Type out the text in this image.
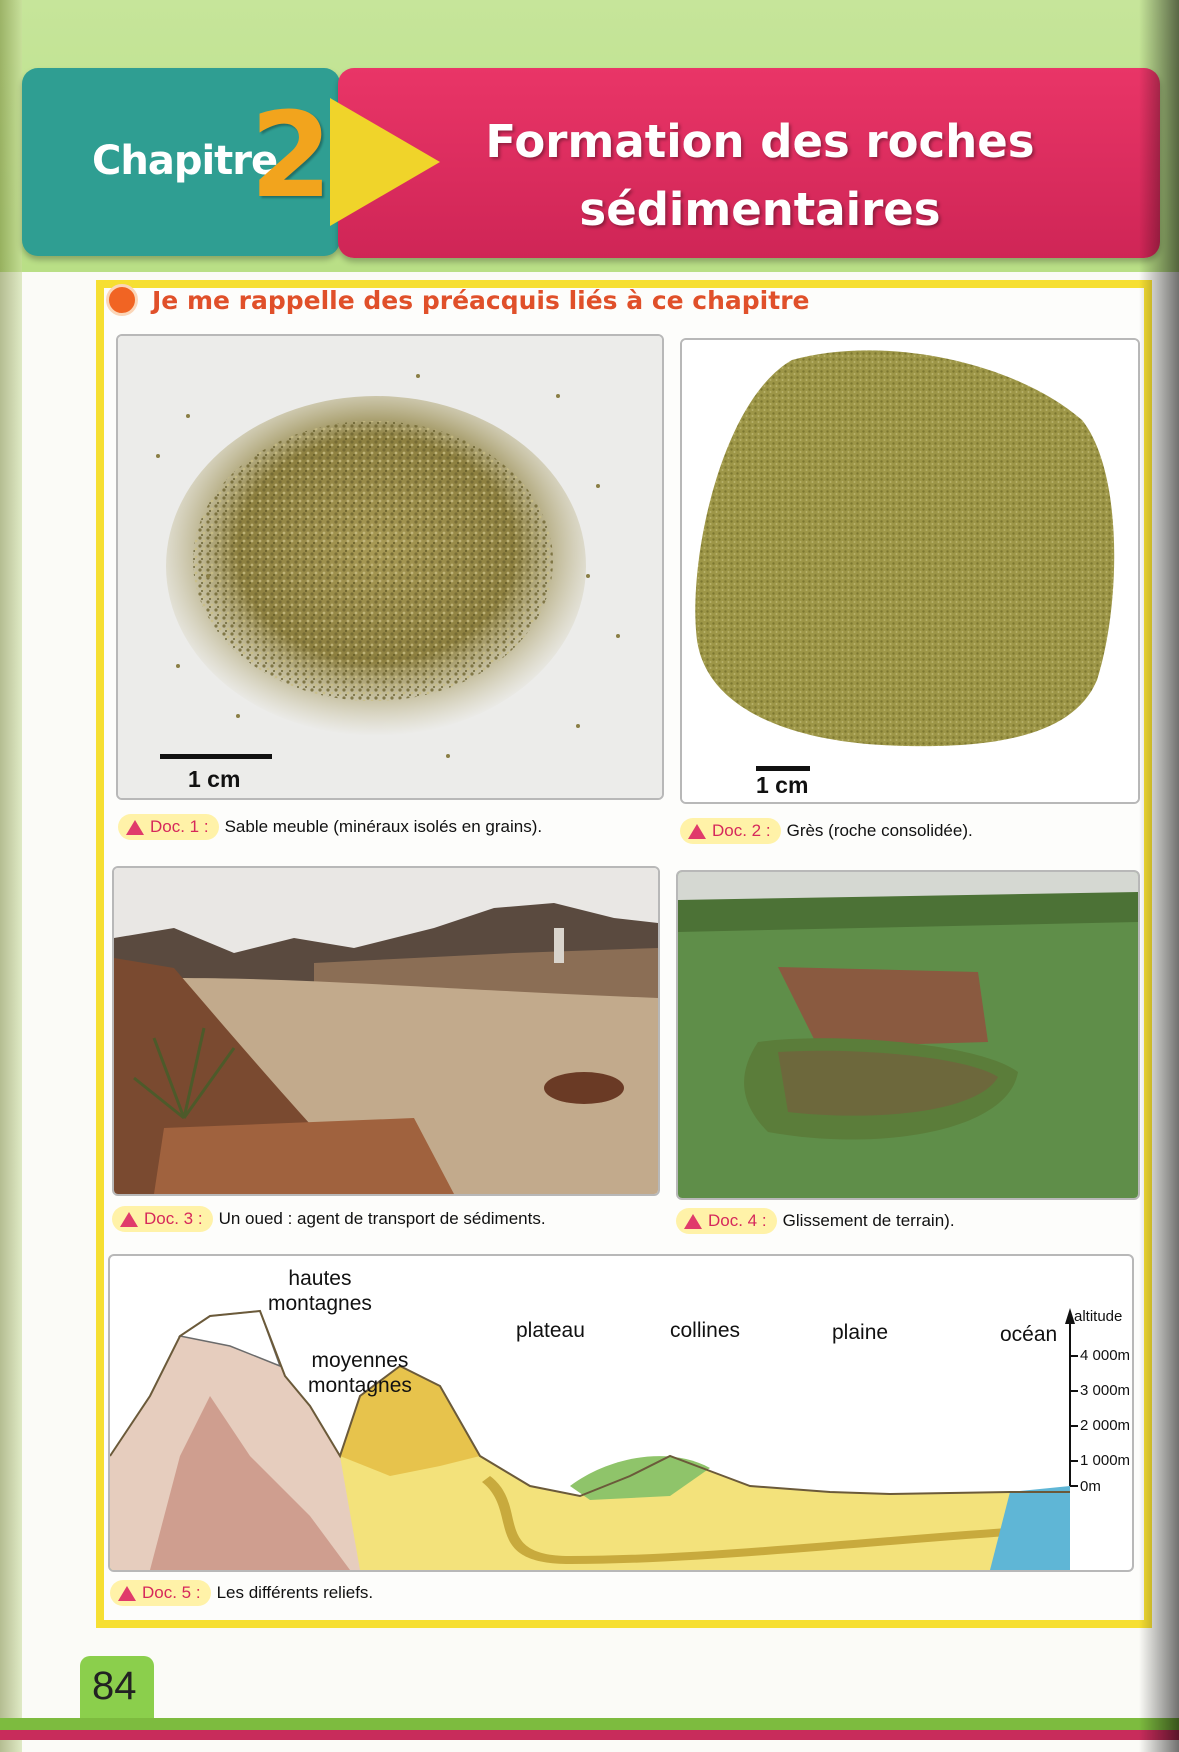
Chapitre
2	Formation des roches
sédimentaires
Je me rappelle des préacquis liés à ce chapitre
1 cm	1 cm
Doc. 1 : Sable meuble (minéraux isolés en grains).	Doc. 2 : Grès (roche consolidée).
Doc. 3 : Un oued : agent de transport de sédiments.	Doc. 4 : Glissement de terrain).
hautes
montagnes
moyennes
montagnes
plateau	collines	plaine	océan
altitude
4 000m
3 000m
2 000m
1 000m
0m
Doc. 5 : Les différents reliefs.
84
